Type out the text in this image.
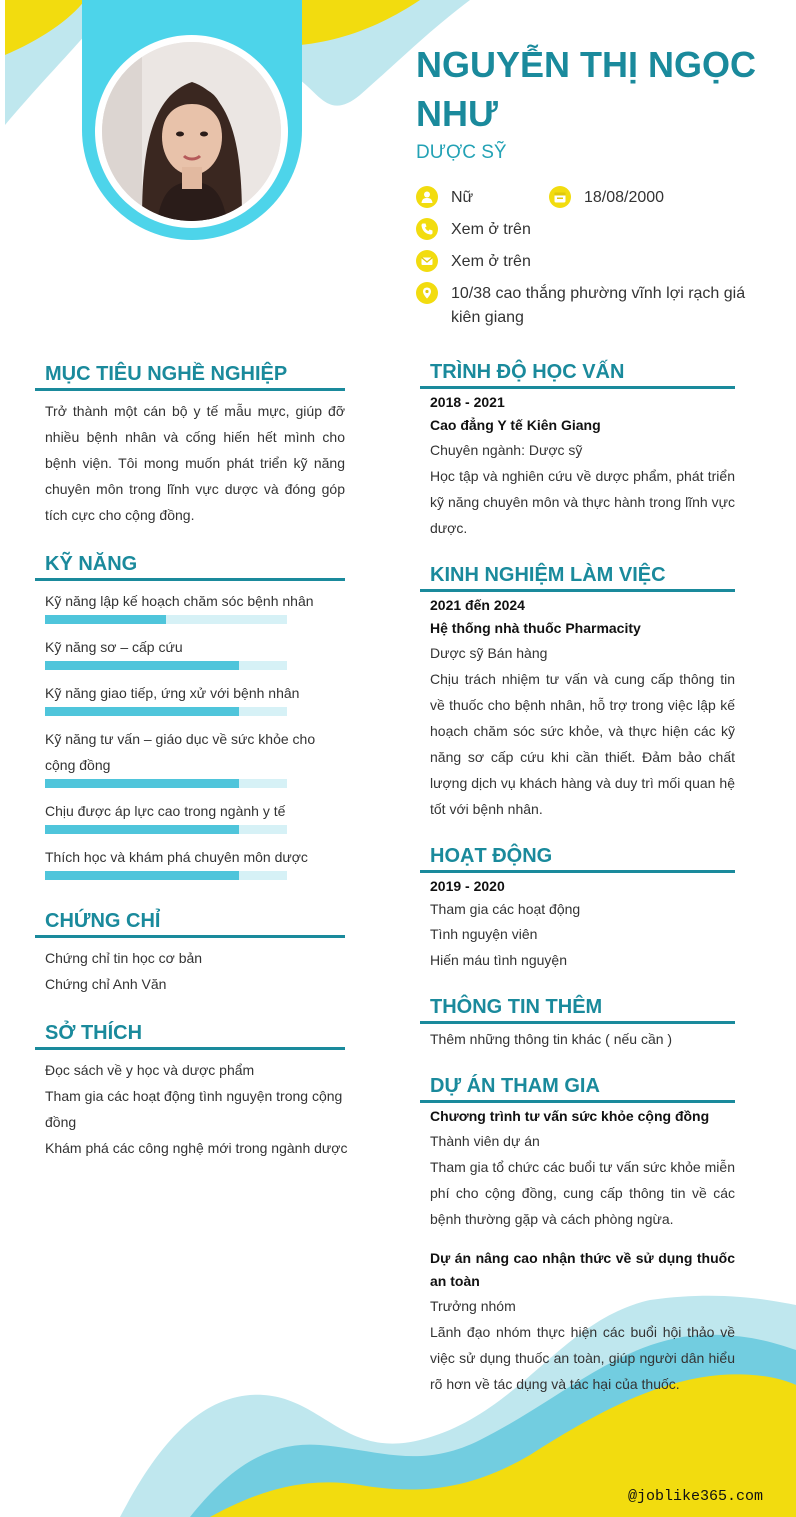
NGUYỄN THỊ NGỌC NHƯ
DƯỢC SỸ
Nữ	18/08/2000
Xem ở trên
Xem ở trên
10/38 cao thắng phường vĩnh lợi rạch giá kiên giang
MỤC TIÊU NGHỀ NGHIỆP
Trở thành một cán bộ y tế mẫu mực, giúp đỡ nhiều bệnh nhân và cống hiến hết mình cho bệnh viện. Tôi mong muốn phát triển kỹ năng chuyên môn trong lĩnh vực dược và đóng góp tích cực cho cộng đồng.
KỸ NĂNG
Kỹ năng lập kế hoạch chăm sóc bệnh nhân
Kỹ năng sơ – cấp cứu
Kỹ năng giao tiếp, ứng xử với bệnh nhân
Kỹ năng tư vấn – giáo dục về sức khỏe cho cộng đồng
Chịu được áp lực cao trong ngành y tế
Thích học và khám phá chuyên môn dược
CHỨNG CHỈ
Chứng chỉ tin học cơ bản
Chứng chỉ Anh Văn
SỞ THÍCH
Đọc sách về y học và dược phẩm
Tham gia các hoạt động tình nguyện trong cộng đồng
Khám phá các công nghệ mới trong ngành dược
TRÌNH ĐỘ HỌC VẤN
2018 - 2021
Cao đẳng Y tế Kiên Giang
Chuyên ngành: Dược sỹ
Học tập và nghiên cứu về dược phẩm, phát triển kỹ năng chuyên môn và thực hành trong lĩnh vực dược.
KINH NGHIỆM LÀM VIỆC
2021 đến 2024
Hệ thống nhà thuốc Pharmacity
Dược sỹ Bán hàng
Chịu trách nhiệm tư vấn và cung cấp thông tin về thuốc cho bệnh nhân, hỗ trợ trong việc lập kế hoạch chăm sóc sức khỏe, và thực hiện các kỹ năng sơ cấp cứu khi cần thiết. Đảm bảo chất lượng dịch vụ khách hàng và duy trì mối quan hệ tốt với bệnh nhân.
HOẠT ĐỘNG
2019 - 2020
Tham gia các hoạt động
Tình nguyện viên
Hiến máu tình nguyện
THÔNG TIN THÊM
Thêm những thông tin khác ( nếu cần )
DỰ ÁN THAM GIA
Chương trình tư vấn sức khỏe cộng đồng
Thành viên dự án
Tham gia tổ chức các buổi tư vấn sức khỏe miễn phí cho cộng đồng, cung cấp thông tin về các bệnh thường gặp và cách phòng ngừa.
Dự án nâng cao nhận thức về sử dụng thuốc an toàn
Trưởng nhóm
Lãnh đạo nhóm thực hiện các buổi hội thảo về việc sử dụng thuốc an toàn, giúp người dân hiểu rõ hơn về tác dụng và tác hại của thuốc.
@joblike365.com
